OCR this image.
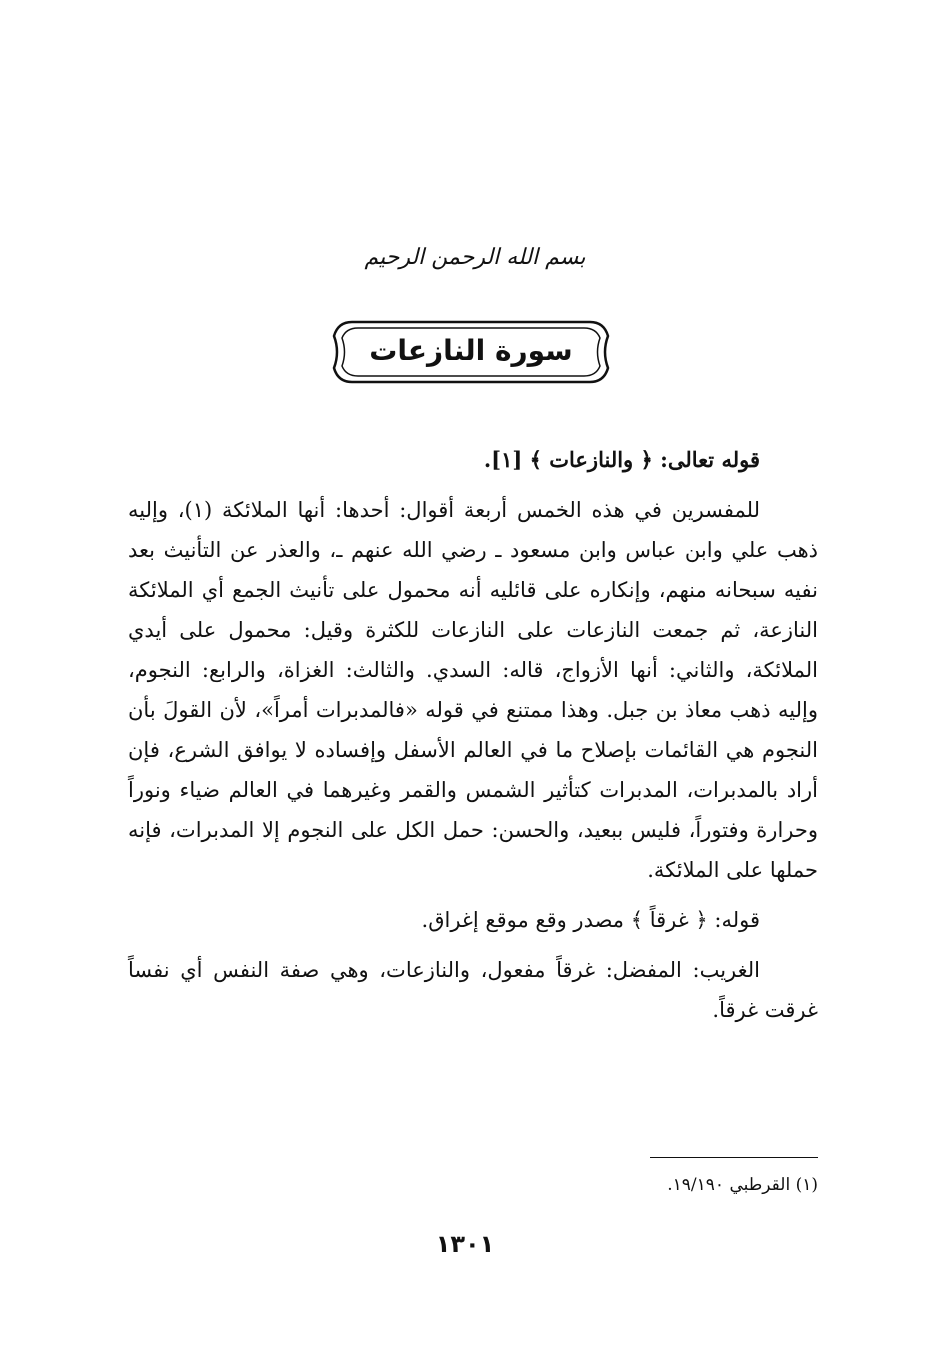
بسم الله الرحمن الرحيم
سورة النازعات

قوله تعالى: ﴿ والنازعات ﴾ [١].

للمفسرين في هذه الخمس أربعة أقوال: أحدها: أنها الملائكة (١)، وإليه ذهب علي وابن عباس وابن مسعود ـ رضي الله عنهم ـ، والعذر عن التأنيث بعد نفيه سبحانه منهم، وإنكاره على قائليه أنه محمول على تأنيث الجمع أي الملائكة النازعة، ثم جمعت النازعات على النازعات للكثرة وقيل: محمول على أيدي الملائكة، والثاني: أنها الأزواج، قاله: السدي. والثالث: الغزاة، والرابع: النجوم، وإليه ذهب معاذ بن جبل. وهذا ممتنع في قوله «فالمدبرات أمراً»، لأن القولَ بأن النجوم هي القائمات بإصلاح ما في العالم الأسفل وإفساده لا يوافق الشرع، فإن أراد بالمدبرات، المدبرات كتأثير الشمس والقمر وغيرهما في العالم ضياء ونوراً وحرارة وفتوراً، فليس ببعيد، والحسن: حمل الكل على النجوم إلا المدبرات، فإنه حملها على الملائكة.

قوله: ﴿ غرقاً ﴾ مصدر وقع موقع إغراق.

الغريب: المفضل: غرقاً مفعول، والنازعات، وهي صفة النفس أي نفساً غرقت غرقاً.

(١) القرطبي ١٩/١٩٠.
١٣٠١
